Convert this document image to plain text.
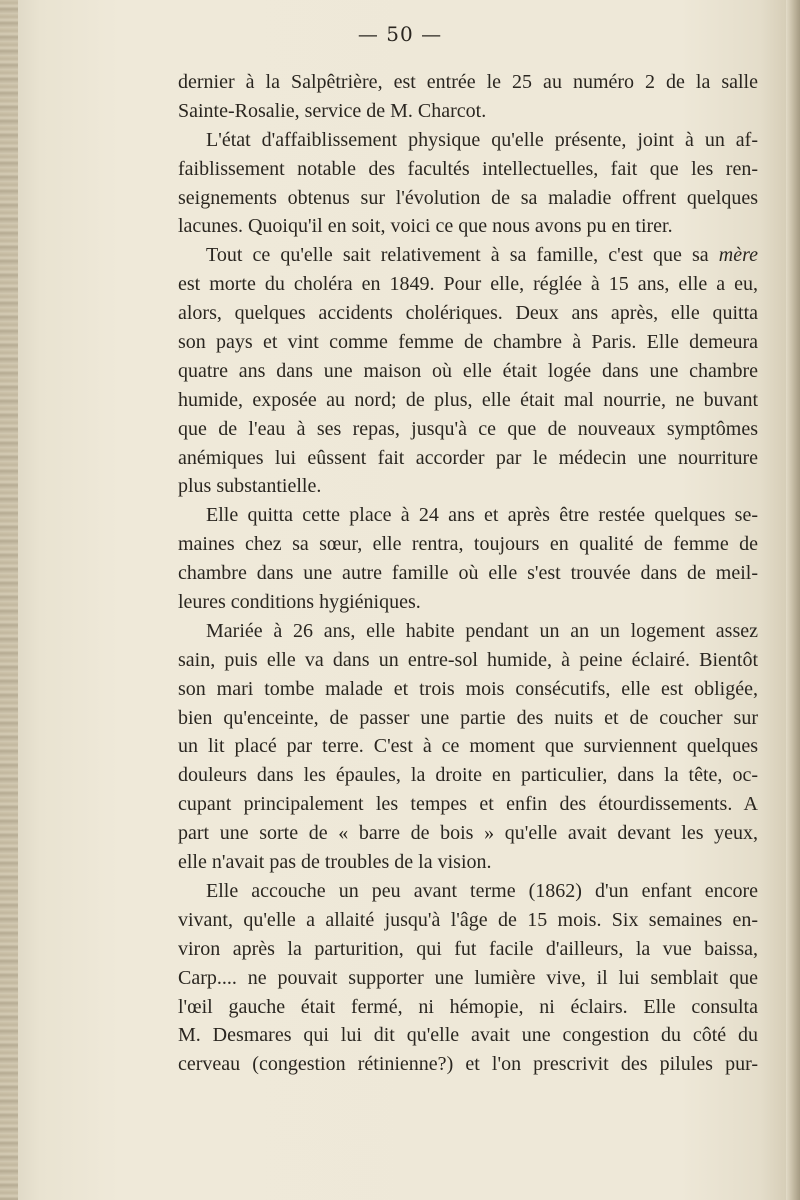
— 50 —
dernier à la Salpêtrière, est entrée le 25 au numéro 2 de la salle
Sainte-Rosalie, service de M. Charcot.
L'état d'affaiblissement physique qu'elle présente, joint à un af-
faiblissement notable des facultés intellectuelles, fait que les ren-
seignements obtenus sur l'évolution de sa maladie offrent quelques
lacunes. Quoiqu'il en soit, voici ce que nous avons pu en tirer.
Tout ce qu'elle sait relativement à sa famille, c'est que sa mère
est morte du choléra en 1849. Pour elle, réglée à 15 ans, elle a eu,
alors, quelques accidents cholériques. Deux ans après, elle quitta
son pays et vint comme femme de chambre à Paris. Elle demeura
quatre ans dans une maison où elle était logée dans une chambre
humide, exposée au nord; de plus, elle était mal nourrie, ne buvant
que de l'eau à ses repas, jusqu'à ce que de nouveaux symptômes
anémiques lui eûssent fait accorder par le médecin une nourriture
plus substantielle.
Elle quitta cette place à 24 ans et après être restée quelques se-
maines chez sa sœur, elle rentra, toujours en qualité de femme de
chambre dans une autre famille où elle s'est trouvée dans de meil-
leures conditions hygiéniques.
Mariée à 26 ans, elle habite pendant un an un logement assez
sain, puis elle va dans un entre-sol humide, à peine éclairé. Bientôt
son mari tombe malade et trois mois consécutifs, elle est obligée,
bien qu'enceinte, de passer une partie des nuits et de coucher sur
un lit placé par terre. C'est à ce moment que surviennent quelques
douleurs dans les épaules, la droite en particulier, dans la tête, oc-
cupant principalement les tempes et enfin des étourdissements. A
part une sorte de « barre de bois » qu'elle avait devant les yeux,
elle n'avait pas de troubles de la vision.
Elle accouche un peu avant terme (1862) d'un enfant encore
vivant, qu'elle a allaité jusqu'à l'âge de 15 mois. Six semaines en-
viron après la parturition, qui fut facile d'ailleurs, la vue baissa,
Carp.... ne pouvait supporter une lumière vive, il lui semblait que
l'œil gauche était fermé, ni hémopie, ni éclairs. Elle consulta
M. Desmares qui lui dit qu'elle avait une congestion du côté du
cerveau (congestion rétinienne?) et l'on prescrivit des pilules pur-
